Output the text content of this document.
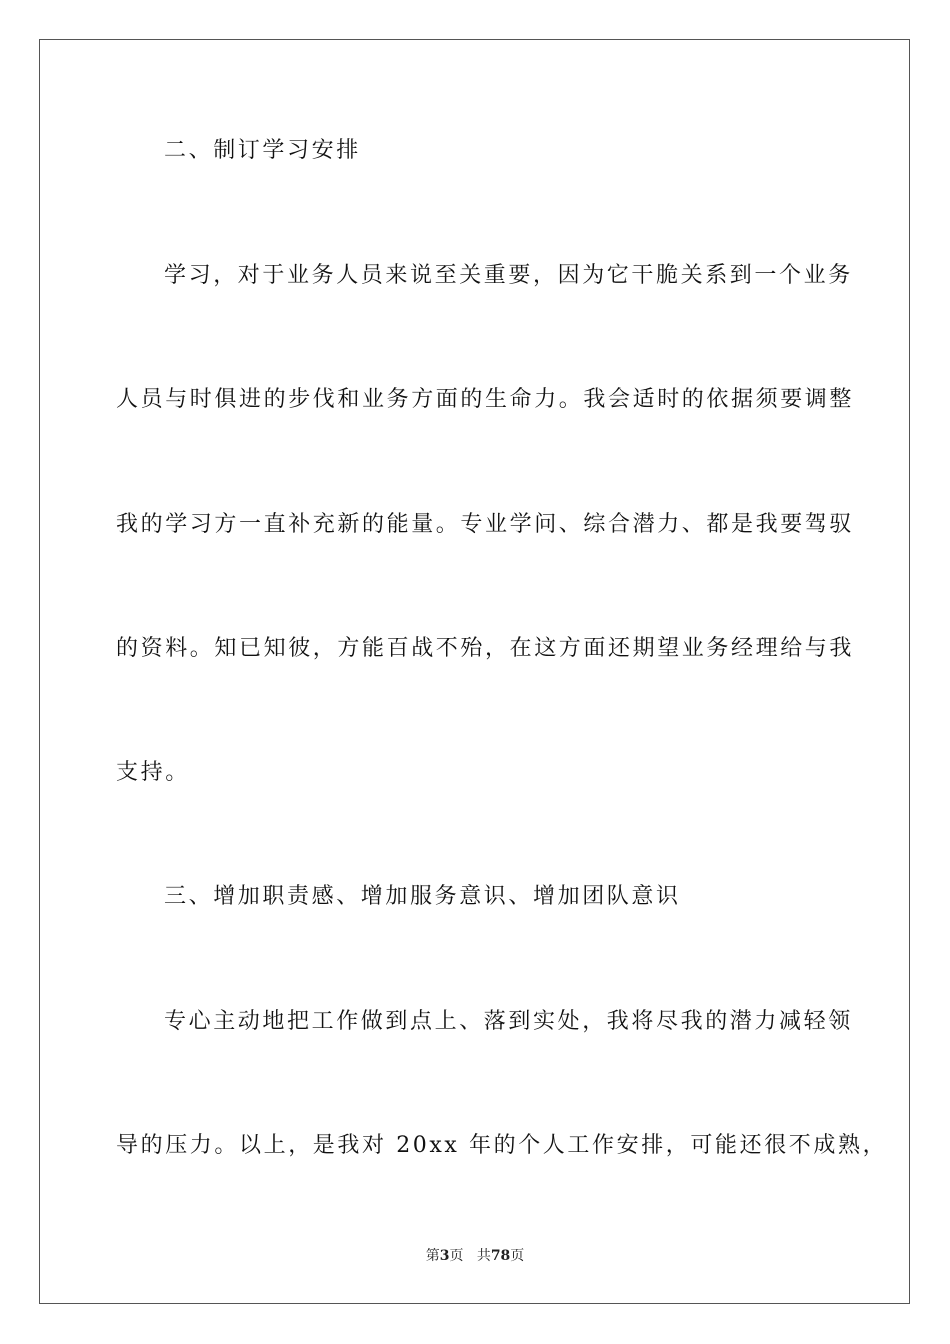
二、制订学习安排
学习，对于业务人员来说至关重要，因为它干脆关系到一个业务
人员与时俱进的步伐和业务方面的生命力。我会适时的依据须要调整
我的学习方一直补充新的能量。专业学问、综合潜力、都是我要驾驭
的资料。知已知彼，方能百战不殆，在这方面还期望业务经理给与我
支持。
三、增加职责感、增加服务意识、增加团队意识
专心主动地把工作做到点上、落到实处，我将尽我的潜力减轻领
导的压力。以上，是我对 20xx 年的个人工作安排，可能还很不成熟，
第3页 共78页
